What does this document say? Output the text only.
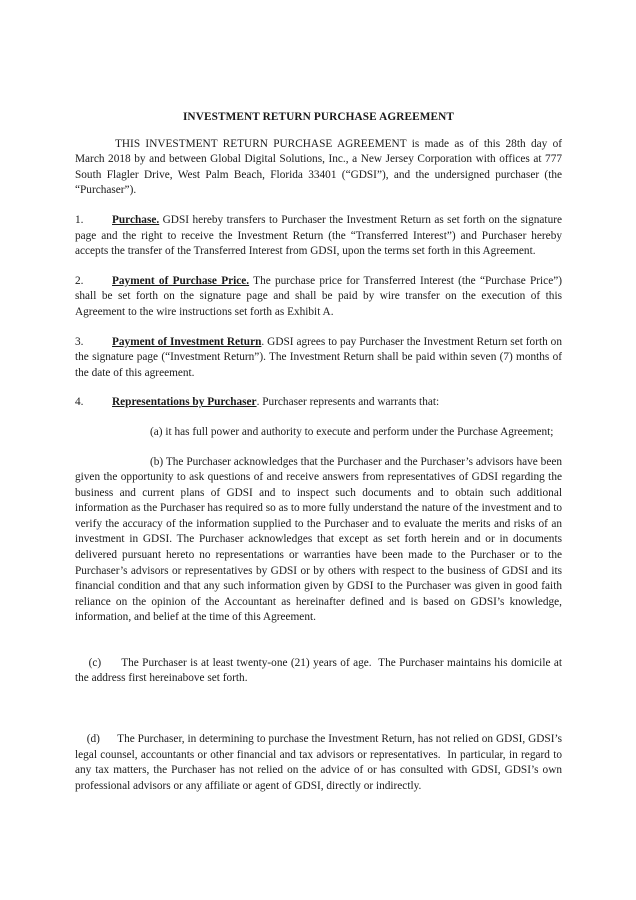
INVESTMENT RETURN PURCHASE AGREEMENT

THIS INVESTMENT RETURN PURCHASE AGREEMENT is made as of this 28th day of March 2018 by and between Global Digital Solutions, Inc., a New Jersey Corporation with offices at 777 South Flagler Drive, West Palm Beach, Florida 33401 (“GDSI”), and the undersigned purchaser (the “Purchaser”).

1.	Purchase. GDSI hereby transfers to Purchaser the Investment Return as set forth on the signature page and the right to receive the Investment Return (the “Transferred Interest”) and Purchaser hereby accepts the transfer of the Transferred Interest from GDSI, upon the terms set forth in this Agreement.

2.	Payment of Purchase Price. The purchase price for Transferred Interest (the “Purchase Price”) shall be set forth on the signature page and shall be paid by wire transfer on the execution of this Agreement to the wire instructions set forth as Exhibit A.

3.	Payment of Investment Return. GDSI agrees to pay Purchaser the Investment Return set forth on the signature page (“Investment Return”). The Investment Return shall be paid within seven (7) months of the date of this agreement.

4.	Representations by Purchaser. Purchaser represents and warrants that:

(a) it has full power and authority to execute and perform under the Purchase Agreement;

(b) The Purchaser acknowledges that the Purchaser and the Purchaser’s advisors have been given the opportunity to ask questions of and receive answers from representatives of GDSI regarding the business and current plans of GDSI and to inspect such documents and to obtain such additional information as the Purchaser has required so as to more fully understand the nature of the investment and to verify the accuracy of the information supplied to the Purchaser and to evaluate the merits and risks of an investment in GDSI. The Purchaser acknowledges that except as set forth herein and or in documents delivered pursuant hereto no representations or warranties have been made to the Purchaser or to the Purchaser’s advisors or representatives by GDSI or by others with respect to the business of GDSI and its financial condition and that any such information given by GDSI to the Purchaser was given in good faith reliance on the opinion of the Accountant as hereinafter defined and is based on GDSI’s knowledge, information, and belief at the time of this Agreement.

(c)      The Purchaser is at least twenty-one (21) years of age.  The Purchaser maintains his domicile at the address first hereinabove set forth.

(d)      The Purchaser, in determining to purchase the Investment Return, has not relied on GDSI, GDSI’s legal counsel, accountants or other financial and tax advisors or representatives.  In particular, in regard to any tax matters, the Purchaser has not relied on the advice of or has consulted with GDSI, GDSI’s own professional advisors or any affiliate or agent of GDSI, directly or indirectly.
